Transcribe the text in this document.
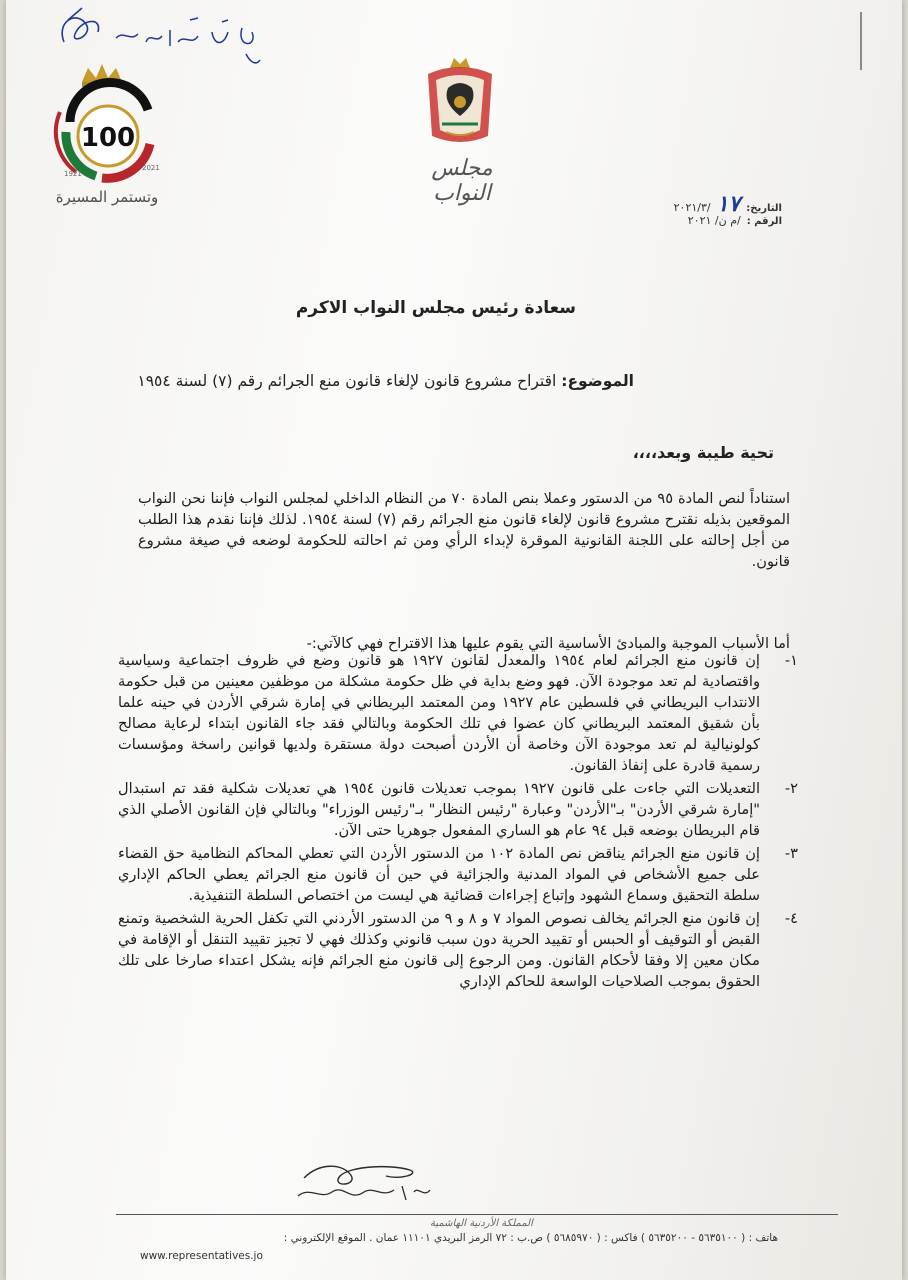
100
1921
2021
وتستمر المسيرة
مجلس النواب
التاريخ:
١٧
/٢٠٢١/٣
الرقم :
/م ن/ ٢٠٢١
سعادة رئيس مجلس النواب الاكرم
الموضوع: اقتراح مشروع قانون لإلغاء قانون منع الجرائم رقم (٧) لسنة ١٩٥٤
تحية طيبة وبعد،،،،
استناداً لنص المادة ٩٥ من الدستور وعملا بنص المادة ٧٠ من النظام الداخلي لمجلس النواب فإننا نحن النواب الموقعين بذيله نقترح مشروع قانون لإلغاء قانون منع الجرائم رقم (٧) لسنة ١٩٥٤. لذلك فإننا نقدم هذا الطلب من أجل إحالته على اللجنة القانونية الموقرة لإبداء الرأي ومن ثم احالته للحكومة لوضعه في صيغة مشروع قانون.
أما الأسباب الموجبة والمبادئ الأساسية التي يقوم عليها هذا الاقتراح فهي كالآتي:-
١-
إن قانون منع الجرائم لعام ١٩٥٤ والمعدل لقانون ١٩٢٧ هو قانون وضع في ظروف اجتماعية وسياسية واقتصادية لم تعد موجودة الآن. فهو وضع بداية في ظل حكومة مشكلة من موظفين معينين من قبل حكومة الانتداب البريطاني في فلسطين عام ١٩٢٧ ومن المعتمد البريطاني في إمارة شرقي الأردن في حينه علما بأن شقيق المعتمد البريطاني كان عضوا في تلك الحكومة وبالتالي فقد جاء القانون ابتداء لرعاية مصالح كولونيالية لم تعد موجودة الآن وخاصة أن الأردن أصبحت دولة مستقرة ولديها قوانين راسخة ومؤسسات رسمية قادرة على إنفاذ القانون.
٢-
التعديلات التي جاءت على قانون ١٩٢٧ بموجب تعديلات قانون ١٩٥٤ هي تعديلات شكلية فقد تم استبدال "إمارة شرقي الأردن" بـ"الأردن" وعبارة "رئيس النظار" بـ"رئيس الوزراء" وبالتالي فإن القانون الأصلي الذي قام البريطان بوضعه قبل ٩٤ عام هو الساري المفعول جوهريا حتى الآن.
٣-
إن قانون منع الجرائم يناقض نص المادة ١٠٢ من الدستور الأردن التي تعطي المحاكم النظامية حق القضاء على جميع الأشخاص في المواد المدنية والجزائية في حين أن قانون منع الجرائم يعطي الحاكم الإداري سلطة التحقيق وسماع الشهود وإتباع إجراءات قضائية هي ليست من اختصاص السلطة التنفيذية.
٤-
إن قانون منع الجرائم يخالف نصوص المواد ٧ و ٨ و ٩ من الدستور الأردني التي تكفل الحرية الشخصية وتمنع القبض أو التوقيف أو الحبس أو تقييد الحرية دون سبب قانوني وكذلك فهي لا تجيز تقييد التنقل أو الإقامة في مكان معين إلا وفقا لأحكام القانون. ومن الرجوع إلى قانون منع الجرائم فإنه يشكل اعتداء صارخا على تلك الحقوق بموجب الصلاحيات الواسعة للحاكم الإداري
المملكة الأردنية الهاشمية
هاتف : ( ٥٦٣٥١٠٠ - ٥٦٣٥٢٠٠ ) فاكس : ( ٥٦٨٥٩٧٠ ) ص.ب : ٧٢ الرمز البريدي ١١١٠١ عمان . الموقع الإلكتروني :
www.representatives.jo
